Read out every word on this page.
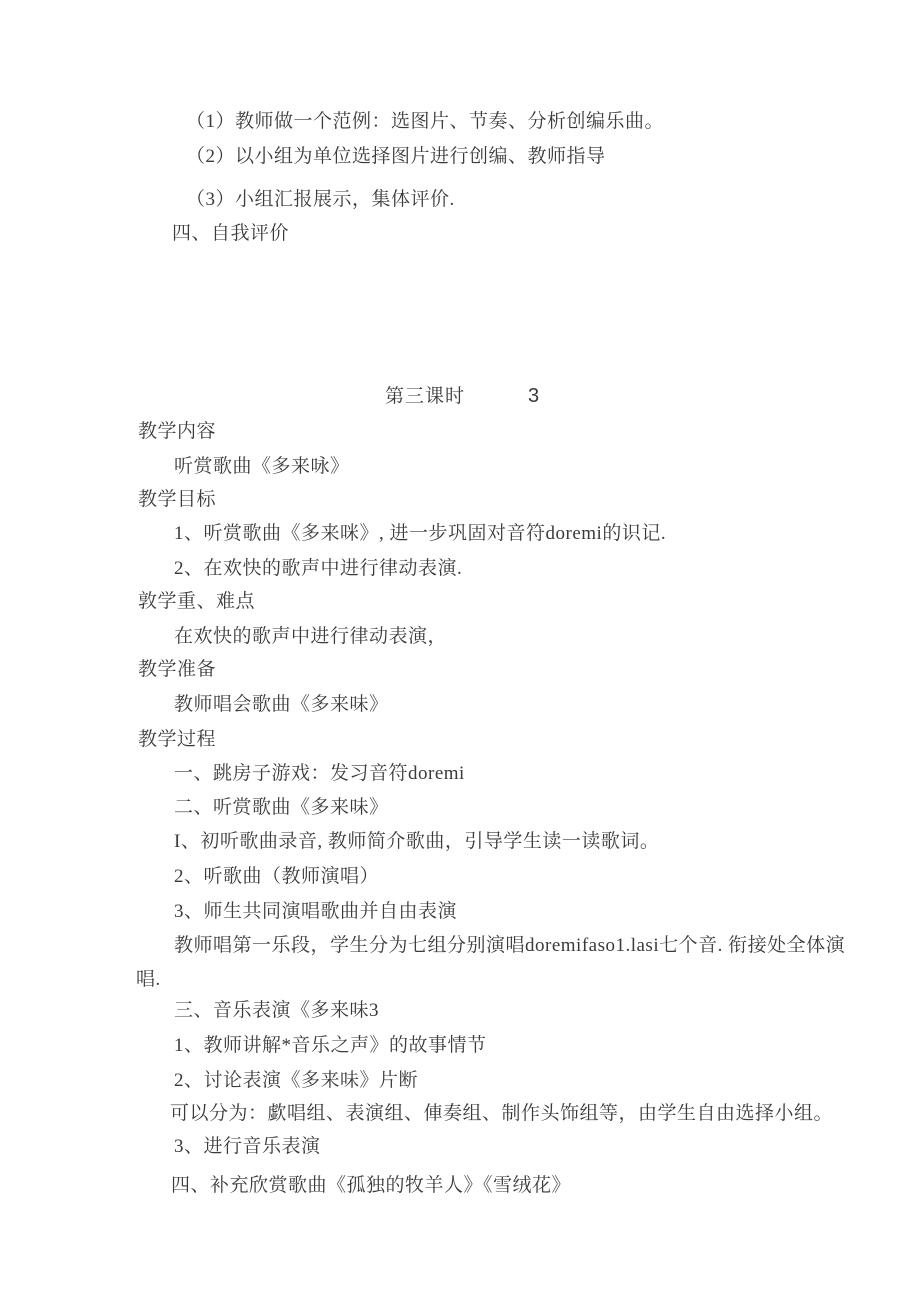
（1）教师做一个范例：选图片、节奏、分析创编乐曲。
（2）以小组为单位选择图片进行创编、教师指导
（3）小组汇报展示，集体评价.
四、自我评价
第三课时	3
教学内容
听赏歌曲《多来咏》
教学目标
1、听赏歌曲《多来咪》, 进一步巩固对音符doremi的识记.
2、在欢快的歌声中进行律动表演.
敦学重、难点
在欢快的歌声中进行律动表演，
教学准备
教师唱会歌曲《多来味》
教学过程
一、跳房子游戏：发习音符doremi
二、听赏歌曲《多来味》
I、初听歌曲录音, 教师简介歌曲，引导学生读一读歌词。
2、听歌曲（教师演唱）
3、师生共同演唱歌曲并自由表演
教师唱第一乐段，学生分为七组分别演唱doremifaso1.lasi七个音. 衔接处全体演
唱.
三、音乐表演《多来味3
1、教师讲解*音乐之声》的故事情节
2、讨论表演《多来味》片断
可以分为：歔唱组、表演组、俥奏组、制作头饰组等，由学生自由选择小组。
3、进行音乐表演
四、补充欣赏歌曲《孤独的牧羊人》《雪绒花》
